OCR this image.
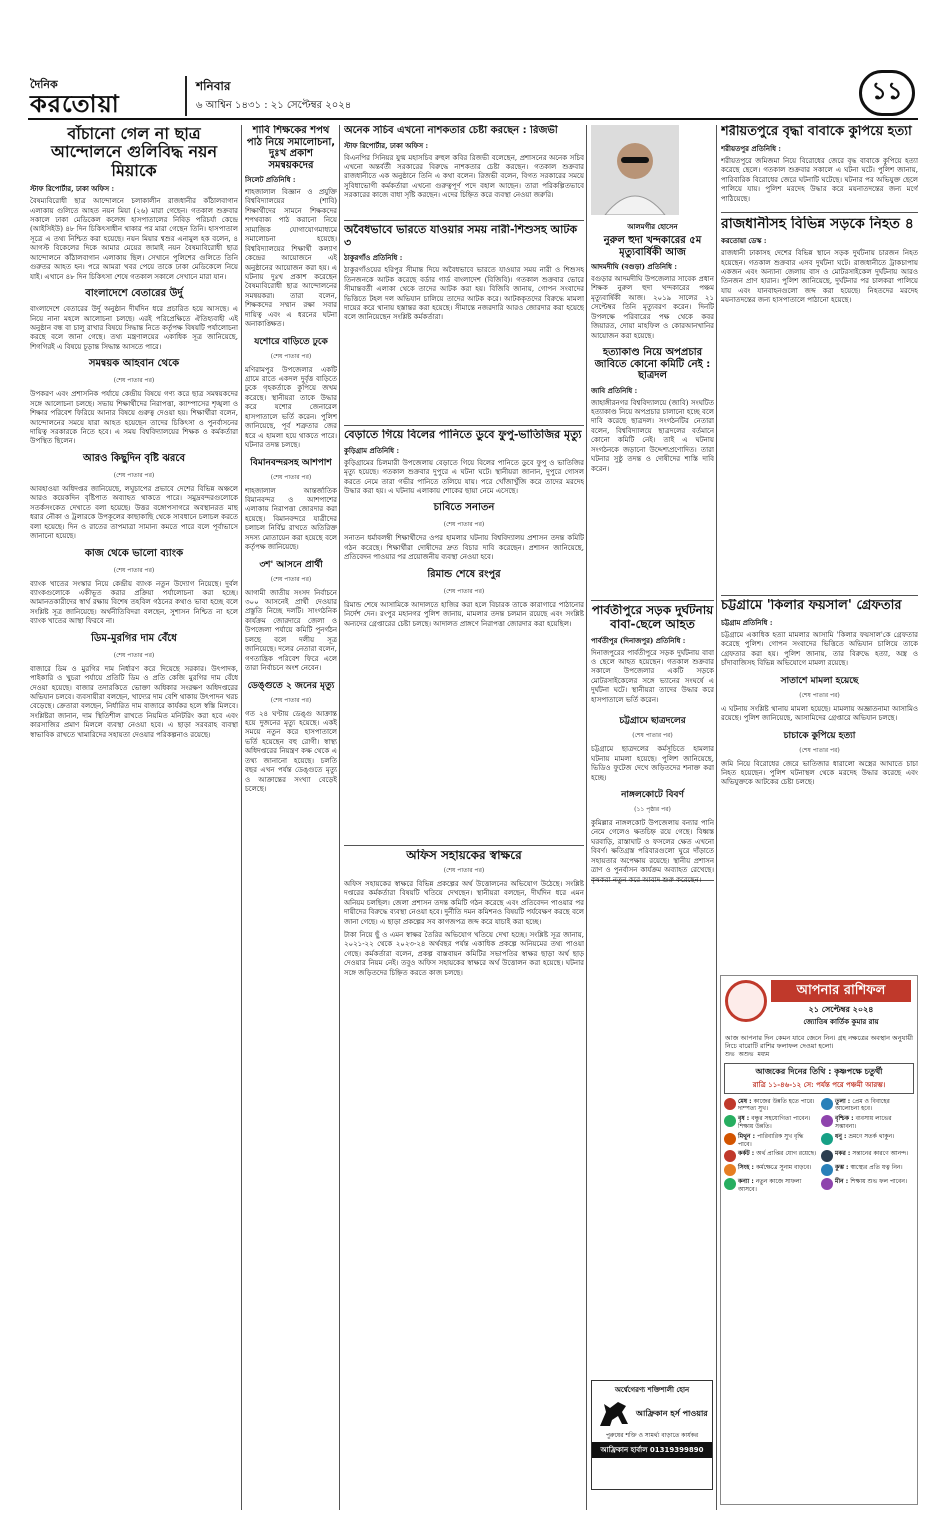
দৈনিক
করতোয়া
শনিবার
৬ আশ্বিন ১৪৩১ : ২১ সেপ্টেম্বর ২০২৪
১১
বাঁচানো গেল না ছাত্র আন্দোলনে গুলিবিদ্ধ নয়ন মিয়াকে
স্টাফ রিপোর্টার, ঢাকা অফিস :
বৈষম্যবিরোধী ছাত্র আন্দোলনে চলাকালীন রাজধানীর কাঁঠালবাগান এলাকায় গুলিতে আহত নয়ন মিয়া (২৬) মারা গেছেন। গতকাল শুক্রবার সকালে ঢাকা মেডিকেল কলেজ হাসপাতালের নিবিড় পরিচর্যা কেন্দ্রে (আইসিইউ) ৪৮ দিন চিকিৎসাধীন থাকার পর মারা গেছেন তিনি। হাসপাতাল সূত্রে এ তথ্য নিশ্চিত করা হয়েছে। নয়ন মিয়ার শ্বশুর এনামুল হক বলেন, ৪ আগস্ট বিকেলের দিকে আমার মেয়ের জামাই নয়ন বৈষম্যবিরোধী ছাত্র আন্দোলনে কাঁঠালবাগান এলাকায় ছিল। সেখানে পুলিশের গুলিতে তিনি গুরুতর আহত হন। পরে আমরা খবর পেয়ে তাকে ঢাকা মেডিকেলে নিয়ে যাই। এখানে ৪৮ দিন চিকিৎসা শেষে গতকাল সকালে সেখানে মারা যান।
বাংলাদেশে বেতারের উর্দু
বাংলাদেশে বেতারের উর্দু অনুষ্ঠান দীর্ঘদিন ধরে প্রচারিত হয়ে আসছে। এ নিয়ে নানা মহলে আলোচনা চলছে। এরই পরিপ্রেক্ষিতে ঐতিহ্যবাহী এই অনুষ্ঠান বন্ধ বা চালু রাখার বিষয়ে সিদ্ধান্ত নিতে কর্তৃপক্ষ বিষয়টি পর্যালোচনা করছে বলে জানা গেছে। তথ্য মন্ত্রণালয়ের একাধিক সূত্র জানিয়েছে, শিগগিরই এ বিষয়ে চূড়ান্ত সিদ্ধান্ত আসতে পারে।
সমন্বয়ক আহবান থেকে
(শেষ পাতার পর)
উপকরণ এবং প্রশাসনিক পর্যায়ে কেন্দ্রীয় বিষয়ে গণ্য করে ছাত্র সমন্বয়কদের সঙ্গে আলোচনা চলছে। সভায় শিক্ষার্থীদের নিরাপত্তা, ক্যাম্পাসের শৃঙ্খলা ও শিক্ষার পরিবেশ ফিরিয়ে আনার বিষয়ে গুরুত্ব দেওয়া হয়। শিক্ষার্থীরা বলেন, আন্দোলনের সময়ে যারা আহত হয়েছেন তাদের চিকিৎসা ও পুনর্বাসনের দায়িত্ব সরকারকে নিতে হবে। এ সময় বিশ্ববিদ্যালয়ের শিক্ষক ও কর্মকর্তারা উপস্থিত ছিলেন।
আরও কিছুদিন বৃষ্টি ঝরবে
(শেষ পাতার পর)
আবহাওয়া অধিদপ্তর জানিয়েছে, লঘুচাপের প্রভাবে দেশের বিভিন্ন অঞ্চলে আরও কয়েকদিন বৃষ্টিপাত অব্যাহত থাকতে পারে। সমুদ্রবন্দরগুলোকে সতর্কসংকেত দেখাতে বলা হয়েছে। উত্তর বঙ্গোপসাগরে অবস্থানরত মাছ ধরার নৌকা ও ট্রলারকে উপকূলের কাছাকাছি থেকে সাবধানে চলাচল করতে বলা হয়েছে। দিন ও রাতের তাপমাত্রা সামান্য কমতে পারে বলে পূর্বাভাসে জানানো হয়েছে।
কাজ থেকে ভালো ব্যাংক
(শেষ পাতার পর)
ব্যাংক খাতের সংস্কার নিয়ে কেন্দ্রীয় ব্যাংক নতুন উদ্যোগ নিয়েছে। দুর্বল ব্যাংকগুলোকে একীভূত করার প্রক্রিয়া পর্যালোচনা করা হচ্ছে। আমানতকারীদের স্বার্থ রক্ষায় বিশেষ তহবিল গঠনের কথাও ভাবা হচ্ছে বলে সংশ্লিষ্ট সূত্র জানিয়েছে। অর্থনীতিবিদরা বলছেন, সুশাসন নিশ্চিত না হলে ব্যাংক খাতের আস্থা ফিরবে না।
ডিম-মুরগির দাম বেঁধে
(শেষ পাতার পর)
বাজারে ডিম ও মুরগির দাম নির্ধারণ করে দিয়েছে সরকার। উৎপাদক, পাইকারি ও খুচরা পর্যায়ে প্রতিটি ডিম ও প্রতি কেজি মুরগির দাম বেঁধে দেওয়া হয়েছে। বাজার তদারকিতে ভোক্তা অধিকার সংরক্ষণ অধিদপ্তরের অভিযান চলবে। ব্যবসায়ীরা বলছেন, খাদ্যের দাম বেশি থাকায় উৎপাদন খরচ বেড়েছে। ক্রেতারা বলছেন, নির্ধারিত দাম বাজারে কার্যকর হলে স্বস্তি মিলবে। সংশ্লিষ্টরা জানান, দাম স্থিতিশীল রাখতে নিয়মিত মনিটরিং করা হবে এবং কারসাজির প্রমাণ মিললে ব্যবস্থা নেওয়া হবে। এ ছাড়া সরবরাহ ব্যবস্থা স্বাভাবিক রাখতে খামারিদের সহায়তা দেওয়ার পরিকল্পনাও রয়েছে।
শাবি শিক্ষকের শপথ পাঠ নিয়ে সমালোচনা, দুঃখ প্রকাশ সমন্বয়কদের
সিলেট প্রতিনিধি :
শাহজালাল বিজ্ঞান ও প্রযুক্তি বিশ্ববিদ্যালয়ের (শাবি) শিক্ষার্থীদের সামনে শিক্ষকদের শপথবাক্য পাঠ করানো নিয়ে সামাজিক যোগাযোগমাধ্যমে সমালোচনা হয়েছে। বিশ্ববিদ্যালয়ের শিক্ষার্থী কল্যাণ কেন্দ্রের আয়োজনে এই অনুষ্ঠানের আয়োজন করা হয়। এ ঘটনায় দুঃখ প্রকাশ করেছেন বৈষম্যবিরোধী ছাত্র আন্দোলনের সমন্বয়করা। তারা বলেন, শিক্ষকদের সম্মান রক্ষা সবার দায়িত্ব এবং এ ধরনের ঘটনা অনাকাঙ্ক্ষিত।
যশোরে বাড়িতে ঢুকে
(শেষ পাতার পর)
মণিরামপুর উপজেলার একটি গ্রামে রাতে একদল দুর্বৃত্ত বাড়িতে ঢুকে গৃহকর্তাকে কুপিয়ে জখম করেছে। স্থানীয়রা তাকে উদ্ধার করে যশোর জেনারেল হাসপাতালে ভর্তি করেন। পুলিশ জানিয়েছে, পূর্ব শত্রুতার জের ধরে এ হামলা হয়ে থাকতে পারে। ঘটনার তদন্ত চলছে।
বিমানবন্দরসহ আশপাশ
(শেষ পাতার পর)
শাহজালাল আন্তর্জাতিক বিমানবন্দর ও আশপাশের এলাকায় নিরাপত্তা জোরদার করা হয়েছে। বিমানবন্দরে যাত্রীদের চলাচল নির্বিঘ্ন রাখতে অতিরিক্ত সদস্য মোতায়েন করা হয়েছে বলে কর্তৃপক্ষ জানিয়েছে।
৩শ' আসনে প্রার্থী
(শেষ পাতার পর)
আগামী জাতীয় সংসদ নির্বাচনে ৩০০ আসনেই প্রার্থী দেওয়ার প্রস্তুতি নিচ্ছে দলটি। সাংগঠনিক কার্যক্রম জোরদারে জেলা ও উপজেলা পর্যায়ে কমিটি পুনর্গঠন চলছে বলে দলীয় সূত্র জানিয়েছে। দলের নেতারা বলেন, গণতান্ত্রিক পরিবেশ ফিরে এলে তারা নির্বাচনে অংশ নেবেন।
ডেঙ্গুতে ২ জনের মৃত্যু
(শেষ পাতার পর)
গত ২৪ ঘণ্টায় ডেঙ্গু আক্রান্ত হয়ে দুজনের মৃত্যু হয়েছে। একই সময়ে নতুন করে হাসপাতালে ভর্তি হয়েছেন বহু রোগী। স্বাস্থ্য অধিদপ্তরের নিয়ন্ত্রণ কক্ষ থেকে এ তথ্য জানানো হয়েছে। চলতি বছর এখন পর্যন্ত ডেঙ্গুতে মৃত্যু ও আক্রান্তের সংখ্যা বেড়েই চলেছে।
অনেক সচিব এখনো নাশকতার চেষ্টা করছেন : রিজভী
স্টাফ রিপোর্টার, ঢাকা অফিস :
বিএনপির সিনিয়র যুগ্ম মহাসচিব রুহুল কবির রিজভী বলেছেন, প্রশাসনের অনেক সচিব এখনো অন্তর্বর্তী সরকারের বিরুদ্ধে নাশকতার চেষ্টা করছেন। গতকাল শুক্রবার রাজধানীতে এক অনুষ্ঠানে তিনি এ কথা বলেন। রিজভী বলেন, বিগত সরকারের সময়ে সুবিধাভোগী কর্মকর্তারা এখনো গুরুত্বপূর্ণ পদে বহাল আছেন। তারা পরিকল্পিতভাবে সরকারের কাজে বাধা সৃষ্টি করছেন। এদের চিহ্নিত করে ব্যবস্থা নেওয়া জরুরি।
অবৈধভাবে ভারতে যাওয়ার সময় নারী-শিশুসহ আটক ৩
ঠাকুরগাঁও প্রতিনিধি :
ঠাকুরগাঁওয়ের হরিপুর সীমান্ত দিয়ে অবৈধভাবে ভারতে যাওয়ার সময় নারী ও শিশুসহ তিনজনকে আটক করেছে বর্ডার গার্ড বাংলাদেশ (বিজিবি)। গতকাল শুক্রবার ভোরে সীমান্তবর্তী এলাকা থেকে তাদের আটক করা হয়। বিজিবি জানায়, গোপন সংবাদের ভিত্তিতে টহল দল অভিযান চালিয়ে তাদের আটক করে। আটককৃতদের বিরুদ্ধে মামলা দায়ের করে থানায় হস্তান্তর করা হয়েছে। সীমান্তে নজরদারি আরও জোরদার করা হয়েছে বলে জানিয়েছেন সংশ্লিষ্ট কর্মকর্তারা।
বেড়াতে গিয়ে বিলের পানিতে ডুবে ফুপু-ভাতিজির মৃত্যু
কুড়িগ্রাম প্রতিনিধি :
কুড়িগ্রামের চিলমারী উপজেলায় বেড়াতে গিয়ে বিলের পানিতে ডুবে ফুপু ও ভাতিজির মৃত্যু হয়েছে। গতকাল শুক্রবার দুপুরে এ ঘটনা ঘটে। স্থানীয়রা জানান, দুপুরে গোসল করতে নেমে তারা গভীর পানিতে তলিয়ে যায়। পরে খোঁজাখুঁজি করে তাদের মরদেহ উদ্ধার করা হয়। এ ঘটনায় এলাকায় শোকের ছায়া নেমে এসেছে।
চাবিতে সনাতন
(শেষ পাতার পর)
সনাতন ধর্মাবলম্বী শিক্ষার্থীদের ওপর হামলার ঘটনায় বিশ্ববিদ্যালয় প্রশাসন তদন্ত কমিটি গঠন করেছে। শিক্ষার্থীরা দোষীদের দ্রুত বিচার দাবি করেছেন। প্রশাসন জানিয়েছে, প্রতিবেদন পাওয়ার পর প্রয়োজনীয় ব্যবস্থা নেওয়া হবে।
রিমান্ড শেষে রংপুর
(শেষ পাতার পর)
রিমান্ড শেষে আসামিকে আদালতে হাজির করা হলে বিচারক তাকে কারাগারে পাঠানোর নির্দেশ দেন। রংপুর মহানগর পুলিশ জানায়, মামলার তদন্ত চলমান রয়েছে এবং সংশ্লিষ্ট অন্যদের গ্রেপ্তারের চেষ্টা চলছে। আদালত প্রাঙ্গণে নিরাপত্তা জোরদার করা হয়েছিল।
অফিস সহায়কের স্বাক্ষরে
(শেষ পাতার পর)
অফিস সহায়কের স্বাক্ষরে বিভিন্ন প্রকল্পের অর্থ উত্তোলনের অভিযোগ উঠেছে। সংশ্লিষ্ট দপ্তরের কর্মকর্তারা বিষয়টি খতিয়ে দেখছেন। স্থানীয়রা বলছেন, দীর্ঘদিন ধরে এমন অনিয়ম চলছিল। জেলা প্রশাসন তদন্ত কমিটি গঠন করেছে এবং প্রতিবেদন পাওয়ার পর দায়ীদের বিরুদ্ধে ব্যবস্থা নেওয়া হবে। দুর্নীতি দমন কমিশনও বিষয়টি পর্যবেক্ষণ করছে বলে জানা গেছে। এ ছাড়া প্রকল্পের সব কাগজপত্র জব্দ করে যাচাই করা হচ্ছে।
টাকা নিয়ে ছুঁ ও এমন স্বাক্ষর তৈরির অভিযোগ খতিয়ে দেখা হচ্ছে। সংশ্লিষ্ট সূত্র জানায়, ২০২১-২২ থেকে ২০২৩-২৪ অর্থবছর পর্যন্ত একাধিক প্রকল্পে অনিয়মের তথ্য পাওয়া গেছে। কর্মকর্তারা বলেন, প্রকল্প বাস্তবায়ন কমিটির সভাপতির স্বাক্ষর ছাড়া অর্থ ছাড় দেওয়ার নিয়ম নেই। তবুও অফিস সহায়কের স্বাক্ষরে অর্থ উত্তোলন করা হয়েছে। ঘটনার সঙ্গে জড়িতদের চিহ্নিত করতে কাজ চলছে।
আলমগীর হোসেন
নুরুল হুদা খন্দকারের ৫ম মৃত্যুবার্ষিকী আজ
আদমদীঘি (বগুড়া) প্রতিনিধি :
বগুড়ার আদমদীঘি উপজেলার সাবেক প্রধান শিক্ষক নুরুল হুদা খন্দকারের পঞ্চম মৃত্যুবার্ষিকী আজ। ২০১৯ সালের ২১ সেপ্টেম্বর তিনি মৃত্যুবরণ করেন। দিনটি উপলক্ষে পরিবারের পক্ষ থেকে কবর জিয়ারত, দোয়া মাহফিল ও কোরআনখানির আয়োজন করা হয়েছে।
হত্যাকাণ্ড নিয়ে অপপ্রচার জাবিতে কোনো কমিটি নেই : ছাত্রদল
জাবি প্রতিনিধি :
জাহাঙ্গীরনগর বিশ্ববিদ্যালয়ে (জাবি) সংঘটিত হত্যাকাণ্ড নিয়ে অপপ্রচার চালানো হচ্ছে বলে দাবি করেছে ছাত্রদল। সংগঠনটির নেতারা বলেন, বিশ্ববিদ্যালয়ে ছাত্রদলের বর্তমানে কোনো কমিটি নেই। তাই এ ঘটনায় সংগঠনকে জড়ানো উদ্দেশ্যপ্রণোদিত। তারা ঘটনার সুষ্ঠু তদন্ত ও দোষীদের শাস্তি দাবি করেন।
পার্বতীপুরে সড়ক দুর্ঘটনায় বাবা-ছেলে আহত
পার্বতীপুর (দিনাজপুর) প্রতিনিধি :
দিনাজপুরের পার্বতীপুরে সড়ক দুর্ঘটনায় বাবা ও ছেলে আহত হয়েছেন। গতকাল শুক্রবার সকালে উপজেলার একটি সড়কে মোটরসাইকেলের সঙ্গে ভ্যানের সংঘর্ষে এ দুর্ঘটনা ঘটে। স্থানীয়রা তাদের উদ্ধার করে হাসপাতালে ভর্তি করেন।
চট্টগ্রামে ছাত্রদলের
(শেষ পাতার পর)
চট্টগ্রামে ছাত্রদলের কর্মসূচিতে হামলার ঘটনায় মামলা হয়েছে। পুলিশ জানিয়েছে, ভিডিও ফুটেজ দেখে জড়িতদের শনাক্ত করা হচ্ছে।
নাঙ্গলকোটে বিবর্ণ
(১১ পৃষ্ঠার পর)
কুমিল্লার নাঙ্গলকোট উপজেলায় বন্যার পানি নেমে গেলেও ক্ষতচিহ্ন রয়ে গেছে। বিধ্বস্ত ঘরবাড়ি, রাস্তাঘাট ও ফসলের ক্ষেত এখনো বিবর্ণ। ক্ষতিগ্রস্ত পরিবারগুলো ঘুরে দাঁড়াতে সহায়তার অপেক্ষায় রয়েছে। স্থানীয় প্রশাসন ত্রাণ ও পুনর্বাসন কার্যক্রম অব্যাহত রেখেছে। কৃষকরা নতুন করে আবাদ শুরু করেছেন।
অর্শ্বেগেরণ্য শক্তিশালী হোন
আফ্রিকান হর্স পাওয়ার
পুরুষের শক্তি ও সামর্থ্য বাড়াতে কার্যকর
আফ্রিকান হার্বাল 01319399890
শরীয়তপুরে বৃদ্ধা বাবাকে কুপিয়ে হত্যা
শরীয়তপুর প্রতিনিধি :
শরীয়তপুরে জমিজমা নিয়ে বিরোধের জেরে বৃদ্ধ বাবাকে কুপিয়ে হত্যা করেছে ছেলে। গতকাল শুক্রবার সকালে এ ঘটনা ঘটে। পুলিশ জানায়, পারিবারিক বিরোধের জেরে ঘটনাটি ঘটেছে। ঘটনার পর অভিযুক্ত ছেলে পালিয়ে যায়। পুলিশ মরদেহ উদ্ধার করে ময়নাতদন্তের জন্য মর্গে পাঠিয়েছে।
রাজধানীসহ বিভিন্ন সড়কে নিহত ৪
করতোয়া ডেস্ক :
রাজধানী ঢাকাসহ দেশের বিভিন্ন স্থানে সড়ক দুর্ঘটনায় চারজন নিহত হয়েছেন। গতকাল শুক্রবার এসব দুর্ঘটনা ঘটে। রাজধানীতে ট্রাকচাপায় একজন এবং অন্যান্য জেলায় বাস ও মোটরসাইকেল দুর্ঘটনায় আরও তিনজন প্রাণ হারান। পুলিশ জানিয়েছে, দুর্ঘটনার পর চালকরা পালিয়ে যায় এবং যানবাহনগুলো জব্দ করা হয়েছে। নিহতদের মরদেহ ময়নাতদন্তের জন্য হাসপাতালে পাঠানো হয়েছে।
চট্টগ্রামে 'কিলার ফয়সাল' গ্রেফতার
চট্টগ্রাম প্রতিনিধি :
চট্টগ্রামে একাধিক হত্যা মামলার আসামি 'কিলার ফয়সাল'কে গ্রেফতার করেছে পুলিশ। গোপন সংবাদের ভিত্তিতে অভিযান চালিয়ে তাকে গ্রেফতার করা হয়। পুলিশ জানায়, তার বিরুদ্ধে হত্যা, অস্ত্র ও চাঁদাবাজিসহ বিভিন্ন অভিযোগে মামলা রয়েছে।
সাতাশে মামলা হয়েছে
(শেষ পাতার পর)
এ ঘটনায় সংশ্লিষ্ট থানায় মামলা হয়েছে। মামলায় অজ্ঞাতনামা আসামিও রয়েছে। পুলিশ জানিয়েছে, আসামিদের গ্রেপ্তারে অভিযান চলছে।
চাচাকে কুপিয়ে হত্যা
(শেষ পাতার পর)
জমি নিয়ে বিরোধের জেরে ভাতিজার ধারালো অস্ত্রের আঘাতে চাচা নিহত হয়েছেন। পুলিশ ঘটনাস্থল থেকে মরদেহ উদ্ধার করেছে এবং অভিযুক্তকে আটকের চেষ্টা চলছে।
আপনার রাশিফল
২১ সেপ্টেম্বর ২০২৪
জ্যোতিষ কার্তিক কুমার রায়
আজ আপনার দিন কেমন যাবে জেনে নিন। গ্রহ নক্ষত্রের অবস্থান অনুযায়ী নিচে বারোটি রাশির ফলাফল দেওয়া হলো।
শুভ অশুভ মধ্যম
আজকের দিনের তিথি : কৃষ্ণপক্ষে চতুর্থী
রাত্রি ১১-৪৬-১২ সে: পর্যন্ত পরে পঞ্চমী আরম্ভ।
মেষ : কাজের উন্নতি হতে পারে। দাম্পত্য সুখ।
তুলা : প্রেম ও বিবাহের আলোচনা হবে।
বৃষ : বন্ধুর সহযোগিতা পাবেন। শিক্ষায় উন্নতি।
বৃশ্চিক : ব্যবসায় লাভের সম্ভাবনা।
মিথুন : পারিবারিক সুখ বৃদ্ধি পাবে।
ধনু : ভ্রমণে সতর্ক থাকুন।
কর্কট : অর্থ প্রাপ্তির যোগ রয়েছে।	মকর : সন্তানের কারণে আনন্দ।
সিংহ : কর্মক্ষেত্রে সুনাম বাড়বে।	কুম্ভ : স্বাস্থ্যের প্রতি যত্ন নিন।
কন্যা : নতুন কাজে সাফল্য আসবে।
মীন : শিক্ষায় শুভ ফল পাবেন।
